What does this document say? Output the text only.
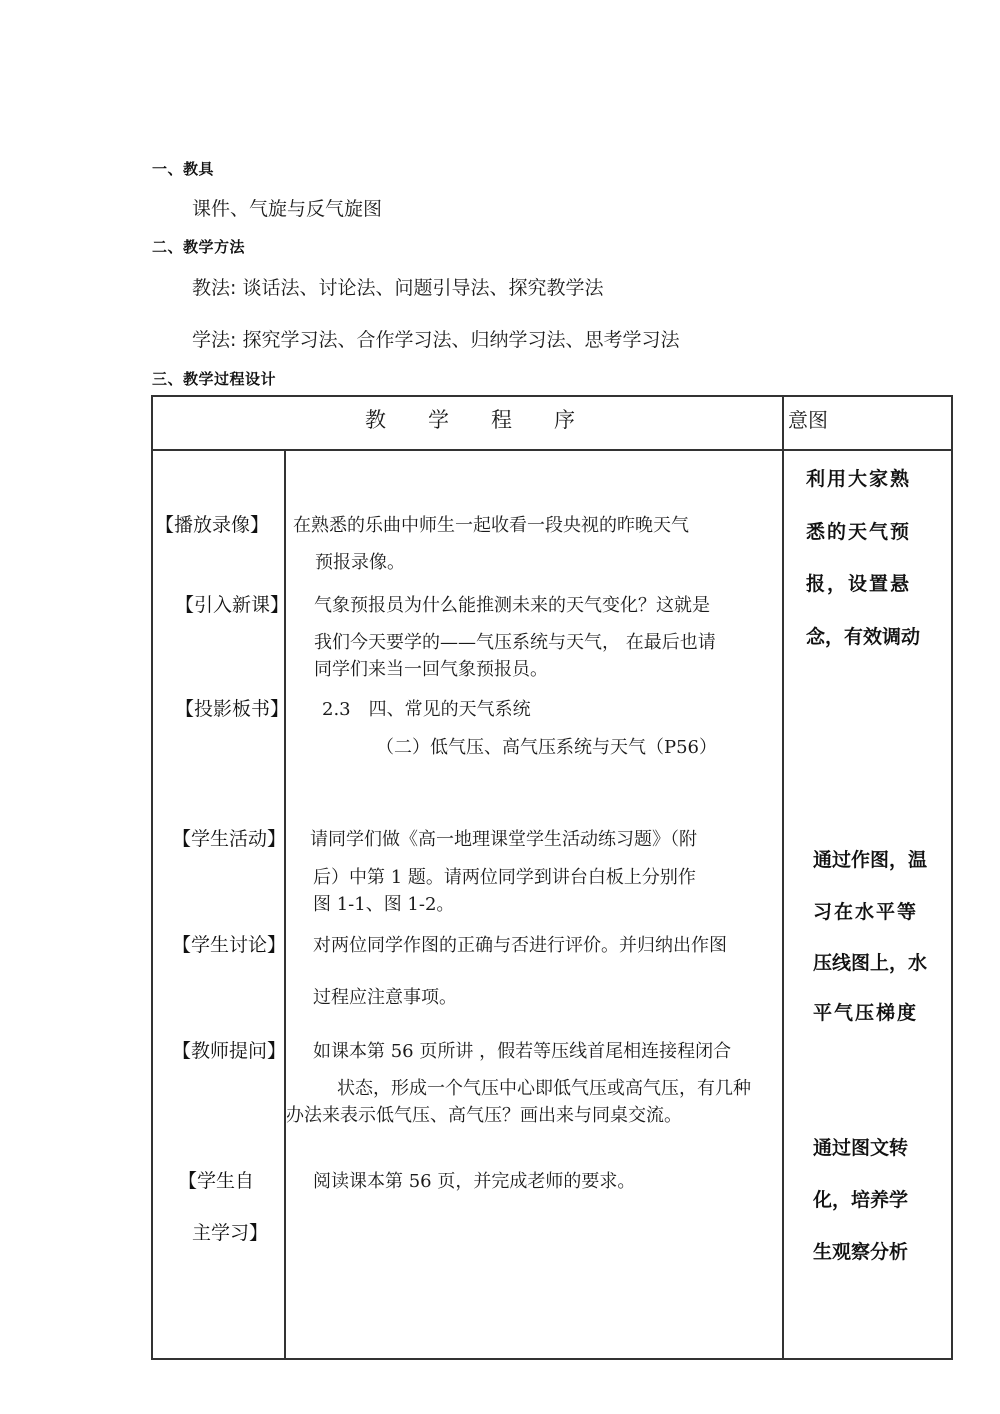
一、教具
课件、气旋与反气旋图
二、教学方法
教法: 谈话法、讨论法、问题引导法、探究教学法
学法: 探究学习法、合作学习法、归纳学习法、思考学习法
三、教学过程设计
教　　学　　程　　序	意图
【播放录像】 在熟悉的乐曲中师生一起收看一段央视的昨晚天气
预报录像。
【引入新课】 气象预报员为什么能推测未来的天气变化？这就是
我们今天要学的——气压系统与天气， 在最后也请
同学们来当一回气象预报员。
【投影板书】 2.3　四、常见的天气系统
（二）低气压、高气压系统与天气（P56）
【学生活动】 请同学们做《高一地理课堂学生活动练习题》（附
后）中第 1 题。请两位同学到讲台白板上分别作
图 1-1、图 1-2。
【学生讨论】 对两位同学作图的正确与否进行评价。并归纳出作图
过程应注意事项。
【教师提问】 如课本第 56 页所讲 ，假若等压线首尾相连接程闭合
状态，形成一个气压中心即低气压或高气压，有几种
办法来表示低气压、高气压？画出来与同桌交流。
【学生自
主学习】
阅读课本第 56 页，并完成老师的要求。
利用大家熟
悉的天气预
报，设置悬
念，有效调动
通过作图，温
习在水平等
压线图上，水
平气压梯度
通过图文转
化，培养学
生观察分析
